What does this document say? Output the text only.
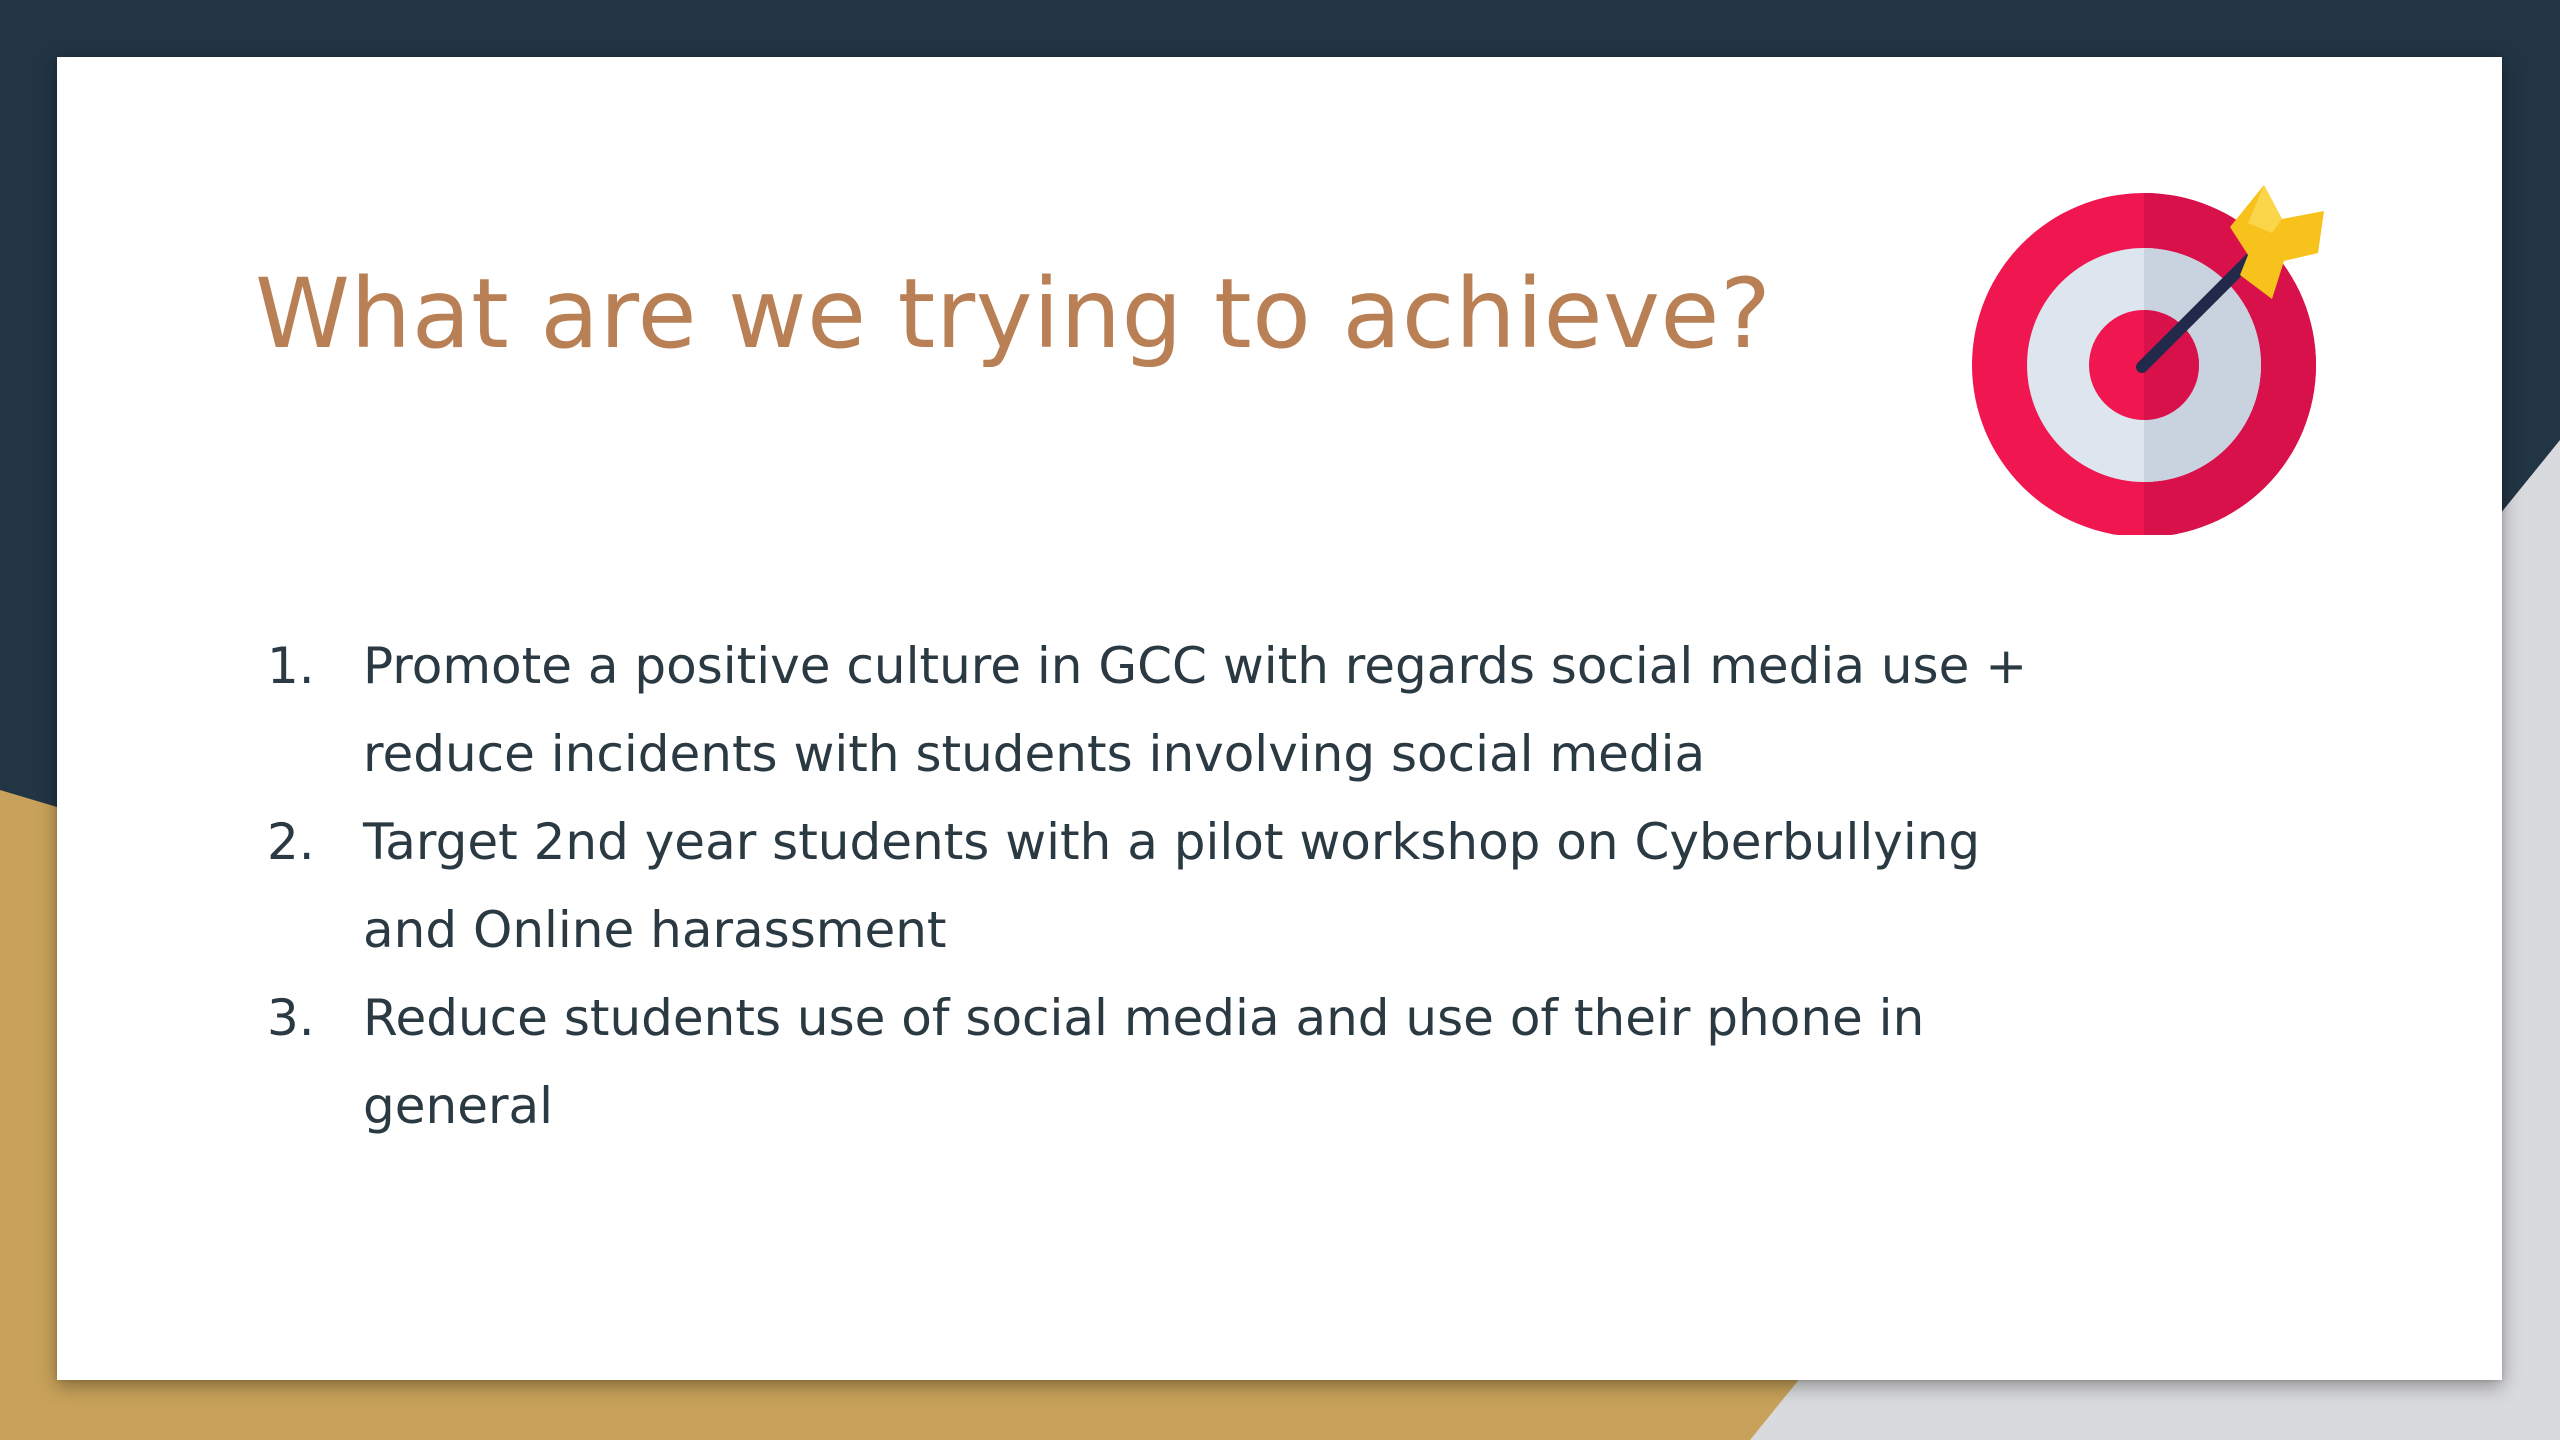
What are we trying to achieve?
1. Promote a positive culture in GCC with regards social media use + reduce incidents with students involving social media
2. Target 2nd year students with a pilot workshop on Cyberbullying and Online harassment
3. Reduce students use of social media and use of their phone in general
